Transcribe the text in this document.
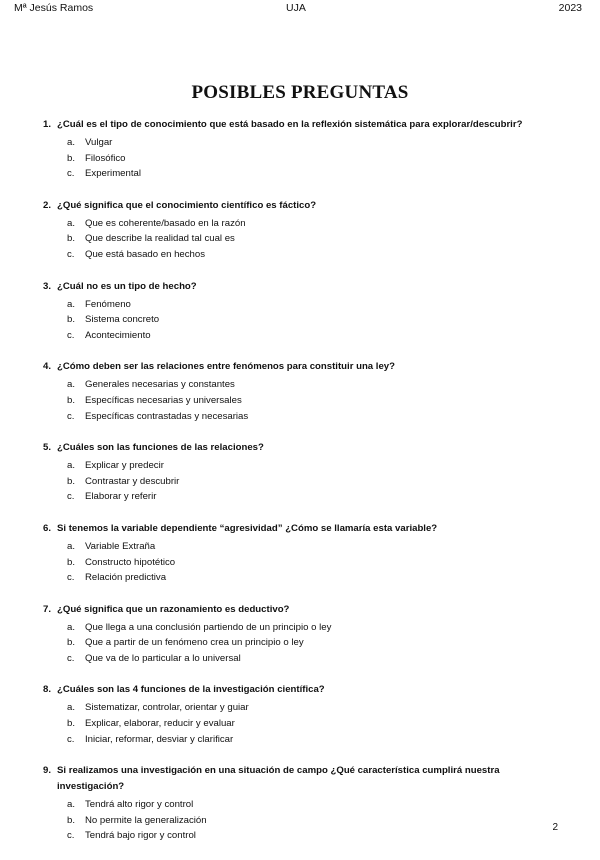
Mª Jesús Ramos	UJA	2023
POSIBLES PREGUNTAS
1. ¿Cuál es el tipo de conocimiento que está basado en la reflexión sistemática para explorar/descubrir?
a.	Vulgar
b.	Filosófico
c.	Experimental
2. ¿Qué significa que el conocimiento científico es fáctico?
a.	Que es coherente/basado en la razón
b.	Que describe la realidad tal cual es
c.	Que está basado en hechos
3. ¿Cuál no es un tipo de hecho?
a.	Fenómeno
b.	Sistema concreto
c.	Acontecimiento
4. ¿Cómo deben ser las relaciones entre fenómenos para constituir una ley?
a.	Generales necesarias y constantes
b.	Específicas necesarias y universales
c.	Específicas contrastadas y necesarias
5. ¿Cuáles son las funciones de las relaciones?
a.	Explicar y predecir
b.	Contrastar y descubrir
c.	Elaborar y referir
6. Si tenemos la variable dependiente “agresividad” ¿Cómo se llamaría esta variable?
a.	Variable Extraña
b.	Constructo hipotético
c.	Relación predictiva
7. ¿Qué significa que un razonamiento es deductivo?
a.	Que llega a una conclusión partiendo de un principio o ley
b.	Que a partir de un fenómeno crea un principio o ley
c.	Que va de lo particular a lo universal
8. ¿Cuáles son las 4 funciones de la investigación científica?
a.	Sistematizar, controlar, orientar y guiar
b.	Explicar, elaborar, reducir y evaluar
c.	Iniciar, reformar, desviar y clarificar
9. Si realizamos una investigación en una situación de campo ¿Qué característica cumplirá nuestra investigación?
a.	Tendrá alto rigor y control
b.	No permite la generalización
c.	Tendrá bajo rigor y control
2
